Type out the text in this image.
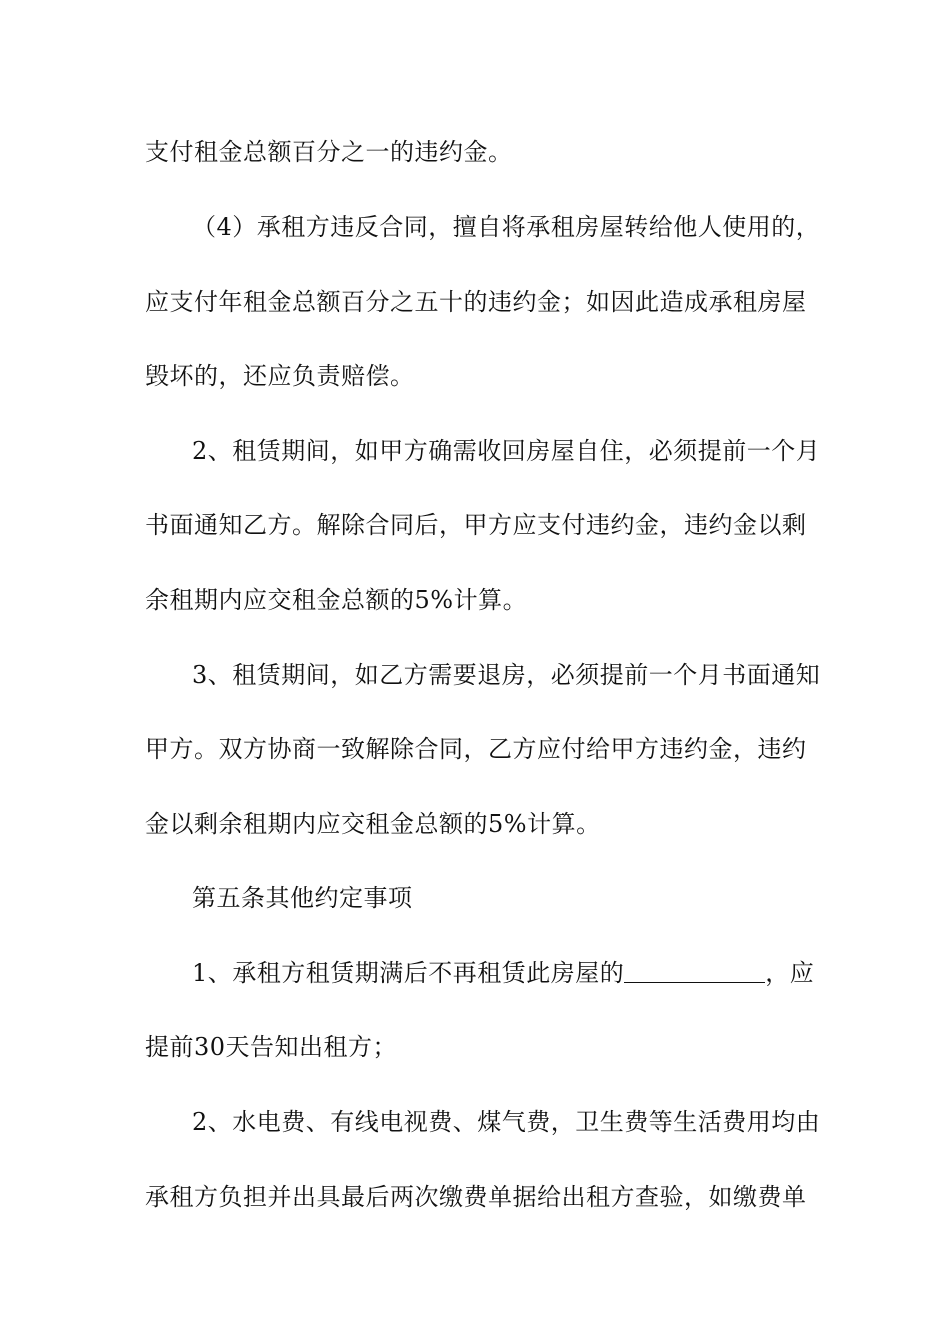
支付租金总额百分之一的违约金。
（4）承租方违反合同，擅自将承租房屋转给他人使用的，
应支付年租金总额百分之五十的违约金；如因此造成承租房屋
毁坏的，还应负责赔偿。
2、租赁期间，如甲方确需收回房屋自住，必须提前一个月
书面通知乙方。解除合同后，甲方应支付违约金，违约金以剩
余租期内应交租金总额的5%计算。
3、租赁期间，如乙方需要退房，必须提前一个月书面通知
甲方。双方协商一致解除合同，乙方应付给甲方违约金，违约
金以剩余租期内应交租金总额的5%计算。
第五条其他约定事项
1、承租方租赁期满后不再租赁此房屋的	，应
提前30天告知出租方；
2、水电费、有线电视费、煤气费，卫生费等生活费用均由
承租方负担并出具最后两次缴费单据给出租方查验，如缴费单
